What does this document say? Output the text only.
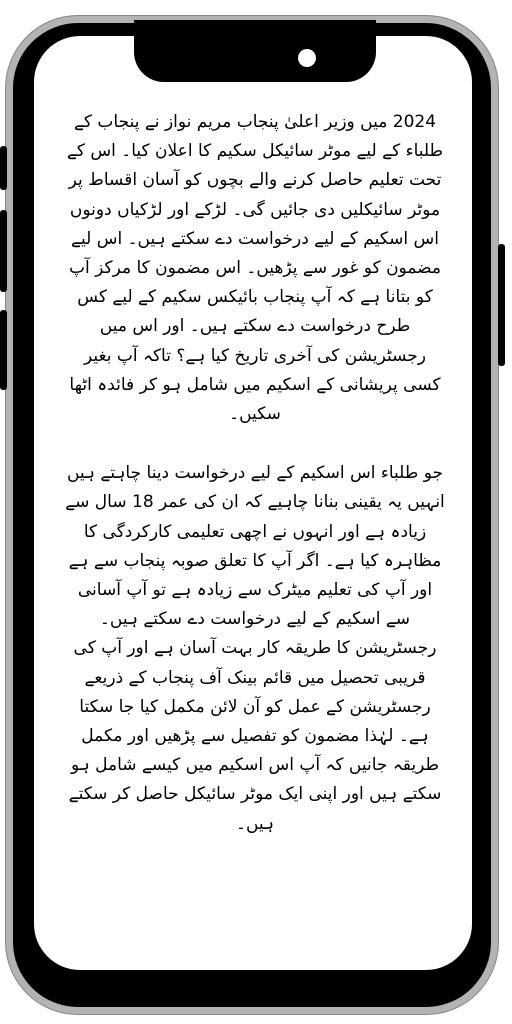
2024 میں وزیر اعلیٰ پنجاب مریم نواز نے پنجاب کے طلباء کے لیے موٹر سائیکل سکیم کا اعلان کیا۔ اس کے تحت تعلیم حاصل کرنے والے بچوں کو آسان اقساط پر موٹر سائیکلیں دی جائیں گی۔ لڑکے اور لڑکیاں دونوں اس اسکیم کے لیے درخواست دے سکتے ہیں۔ اس لیے مضمون کو غور سے پڑھیں۔ اس مضمون کا مرکز آپ کو بتانا ہے کہ آپ پنجاب بائیکس سکیم کے لیے کس طرح درخواست دے سکتے ہیں۔ اور اس میں رجسٹریشن کی آخری تاریخ کیا ہے؟ تاکہ آپ بغیر کسی پریشانی کے اسکیم میں شامل ہو کر فائدہ اٹھا سکیں۔

جو طلباء اس اسکیم کے لیے درخواست دینا چاہتے ہیں انہیں یہ یقینی بنانا چاہیے کہ ان کی عمر 18 سال سے زیادہ ہے اور انہوں نے اچھی تعلیمی کارکردگی کا مظاہرہ کیا ہے۔ اگر آپ کا تعلق صوبہ پنجاب سے ہے اور آپ کی تعلیم میٹرک سے زیادہ ہے تو آپ آسانی سے اسکیم کے لیے درخواست دے سکتے ہیں۔ رجسٹریشن کا طریقہ کار بہت آسان ہے اور آپ کی قریبی تحصیل میں قائم بینک آف پنجاب کے ذریعے رجسٹریشن کے عمل کو آن لائن مکمل کیا جا سکتا ہے۔ لہٰذا مضمون کو تفصیل سے پڑھیں اور مکمل طریقہ جانیں کہ آپ اس اسکیم میں کیسے شامل ہو سکتے ہیں اور اپنی ایک موٹر سائیکل حاصل کر سکتے ہیں۔
